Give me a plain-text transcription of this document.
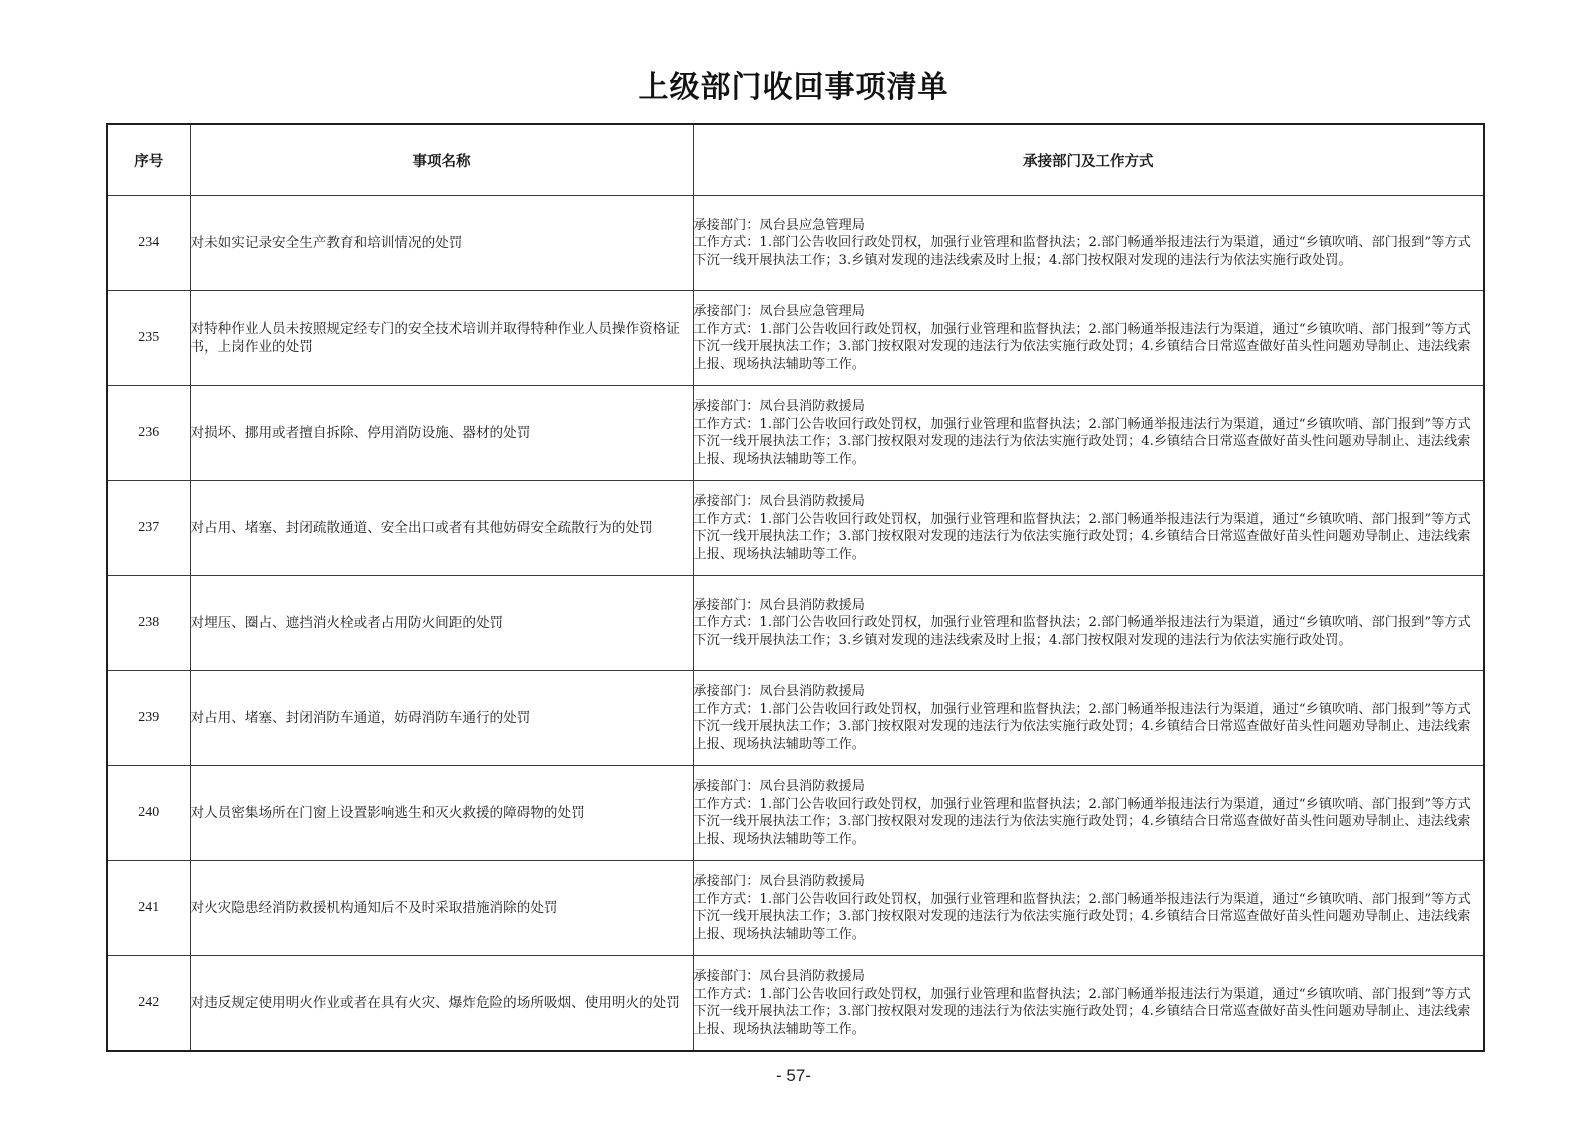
上级部门收回事项清单
序号	事项名称	承接部门及工作方式
234	对未如实记录安全生产教育和培训情况的处罚	承接部门：凤台县应急管理局
工作方式：1.部门公告收回行政处罚权，加强行业管理和监督执法；2.部门畅通举报违法行为渠道，通过“乡镇吹哨、部门报到”等方式下沉一线开展执法工作；3.乡镇对发现的违法线索及时上报；4.部门按权限对发现的违法行为依法实施行政处罚。

235	对特种作业人员未按照规定经专门的安全技术培训并取得特种作业人员操作资格证书，上岗作业的处罚	承接部门：凤台县应急管理局
工作方式：1.部门公告收回行政处罚权，加强行业管理和监督执法；2.部门畅通举报违法行为渠道，通过“乡镇吹哨、部门报到”等方式下沉一线开展执法工作；3.部门按权限对发现的违法行为依法实施行政处罚；4.乡镇结合日常巡查做好苗头性问题劝导制止、违法线索上报、现场执法辅助等工作。

236	对损坏、挪用或者擅自拆除、停用消防设施、器材的处罚	承接部门：凤台县消防救援局
工作方式：1.部门公告收回行政处罚权，加强行业管理和监督执法；2.部门畅通举报违法行为渠道，通过“乡镇吹哨、部门报到”等方式下沉一线开展执法工作；3.部门按权限对发现的违法行为依法实施行政处罚；4.乡镇结合日常巡查做好苗头性问题劝导制止、违法线索上报、现场执法辅助等工作。

237	对占用、堵塞、封闭疏散通道、安全出口或者有其他妨碍安全疏散行为的处罚	承接部门：凤台县消防救援局
工作方式：1.部门公告收回行政处罚权，加强行业管理和监督执法；2.部门畅通举报违法行为渠道，通过“乡镇吹哨、部门报到”等方式下沉一线开展执法工作；3.部门按权限对发现的违法行为依法实施行政处罚；4.乡镇结合日常巡查做好苗头性问题劝导制止、违法线索上报、现场执法辅助等工作。

238	对埋压、圈占、遮挡消火栓或者占用防火间距的处罚	承接部门：凤台县消防救援局
工作方式：1.部门公告收回行政处罚权，加强行业管理和监督执法；2.部门畅通举报违法行为渠道，通过“乡镇吹哨、部门报到”等方式下沉一线开展执法工作；3.乡镇对发现的违法线索及时上报；4.部门按权限对发现的违法行为依法实施行政处罚。

239	对占用、堵塞、封闭消防车通道，妨碍消防车通行的处罚	承接部门：凤台县消防救援局
工作方式：1.部门公告收回行政处罚权，加强行业管理和监督执法；2.部门畅通举报违法行为渠道，通过“乡镇吹哨、部门报到”等方式下沉一线开展执法工作；3.部门按权限对发现的违法行为依法实施行政处罚；4.乡镇结合日常巡查做好苗头性问题劝导制止、违法线索上报、现场执法辅助等工作。

240	对人员密集场所在门窗上设置影响逃生和灭火救援的障碍物的处罚	承接部门：凤台县消防救援局
工作方式：1.部门公告收回行政处罚权，加强行业管理和监督执法；2.部门畅通举报违法行为渠道，通过“乡镇吹哨、部门报到”等方式下沉一线开展执法工作；3.部门按权限对发现的违法行为依法实施行政处罚；4.乡镇结合日常巡查做好苗头性问题劝导制止、违法线索上报、现场执法辅助等工作。

241	对火灾隐患经消防救援机构通知后不及时采取措施消除的处罚	承接部门：凤台县消防救援局
工作方式：1.部门公告收回行政处罚权，加强行业管理和监督执法；2.部门畅通举报违法行为渠道，通过“乡镇吹哨、部门报到”等方式下沉一线开展执法工作；3.部门按权限对发现的违法行为依法实施行政处罚；4.乡镇结合日常巡查做好苗头性问题劝导制止、违法线索上报、现场执法辅助等工作。

242	对违反规定使用明火作业或者在具有火灾、爆炸危险的场所吸烟、使用明火的处罚	承接部门：凤台县消防救援局
工作方式：1.部门公告收回行政处罚权，加强行业管理和监督执法；2.部门畅通举报违法行为渠道，通过“乡镇吹哨、部门报到”等方式下沉一线开展执法工作；3.部门按权限对发现的违法行为依法实施行政处罚；4.乡镇结合日常巡查做好苗头性问题劝导制止、违法线索上报、现场执法辅助等工作。
- 57-
